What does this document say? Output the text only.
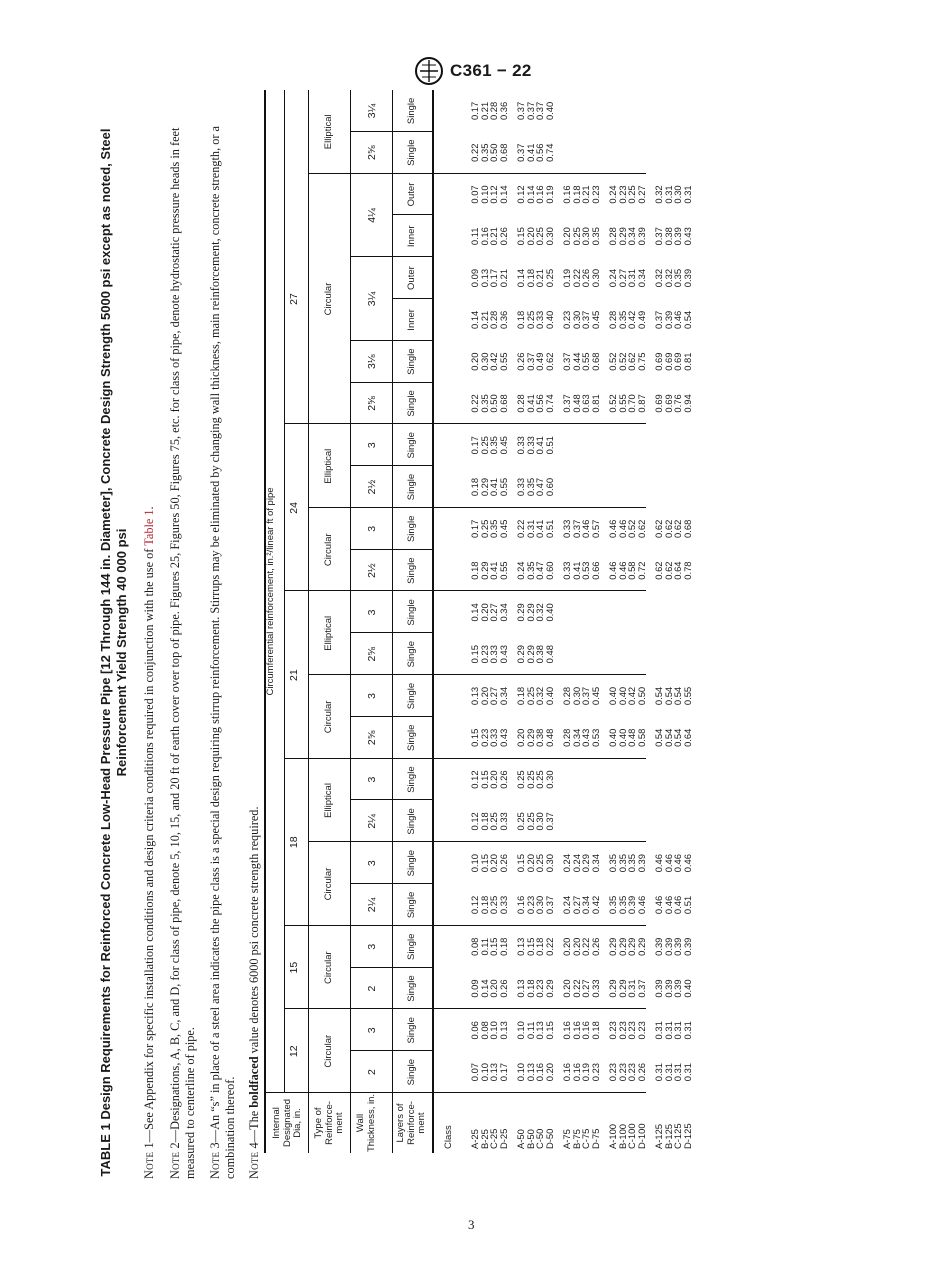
C361 − 22
3
TABLE 1 Design Requirements for Reinforced Concrete Low-Head Pressure Pipe [12 Through 144 in. Diameter], Concrete Design Strength 5000 psi except as noted, Steel Reinforcement Yield Strength 40 000 psi
Note 1—See Appendix for specific installation conditions and design criteria conditions required in conjunction with the use of Table 1.
Note 2—Designations, A, B, C, and D, for class of pipe, denote 5, 10, 15, and 20 ft of earth cover over top of pipe. Figures 25, Figures 50, Figures 75, etc. for class of pipe, denote hydrostatic pressure heads in feet measured to centerline of pipe. Note 3—An “s” in place of a steel area indicates the pipe class is a special design requiring stirrup reinforcement. Stirrups may be eliminated by changing wall thickness, main reinforcement, concrete strength, or a combination thereof. Note 4—The boldfaced value denotes 6000 psi concrete strength required.
Internal Designated Dia, in. Type of Reinforce-ment	Wall Thickness, in.	Layers of Reinforce-ment
Class
Circumferential reinforcement, in.²/linear ft of pipe
12
15
18
21
24
27
Circular
Circular
Circular
Elliptical
Circular
Elliptical
Circular
Elliptical
Circular
Elliptical
2
3
2
3
2¼
3
2¼
3
2⅝
3
2⅝
3
2½
3
2½
3
2⅝
3⅛
3¼
4¼
2⅝
3¼
Single
Single
Single
Single
Single
Single
Single
Single
Single
Single
Single
Single
Single
Single
Single
Single
Single
Single
Inner
Outer
Inner
Outer
Single
Single
A-25
B-25
C-25
D-25 A-50
B-50
C-50
D-50 A-75
B-75
C-75
D-75 A-100
B-100
C-100
D-100 A-125
B-125
C-125
D-125
0.07
0.10
0.13
0.17 0.10
0.13
0.16
0.20 0.16
0.16
0.19
0.23 0.23
0.23
0.23
0.26 0.31
0.31
0.31
0.31
0.06
0.08
0.10
0.13 0.10
0.11
0.13
0.15 0.16
0.16
0.16
0.18 0.23
0.23
0.23
0.23 0.31
0.31
0.31
0.31
0.09
0.14
0.20
0.26 0.13
0.18
0.23
0.29 0.20
0.22
0.27
0.33 0.29
0.29
0.31
0.37 0.39
0.39
0.39
0.40
0.08
0.11
0.15
0.18 0.13
0.15
0.18
0.22 0.20
0.20
0.22
0.26 0.29
0.29
0.29
0.29 0.39
0.39
0.39
0.39
0.12
0.18
0.25
0.33 0.16
0.23
0.30
0.37 0.24
0.27
0.34
0.42 0.35
0.35
0.39
0.46 0.46
0.46
0.46
0.51
0.10
0.15
0.20
0.26 0.15
0.20
0.25
0.30 0.24
0.24
0.29
0.34 0.35
0.35
0.35
0.39 0.46
0.46
0.46
0.46
0.12
0.18
0.25
0.33 0.25
0.25
0.30
0.37
0.12
0.15
0.20
0.26 0.25
0.25
0.25
0.30
0.15
0.23
0.33
0.43 0.20
0.29
0.38
0.48 0.28
0.34
0.43
0.53 0.40
0.40
0.48
0.58 0.54
0.54
0.54
0.64
0.13
0.20
0.27
0.34 0.18
0.25
0.32
0.40 0.28
0.30
0.37
0.45 0.40
0.40
0.42
0.50 0.54
0.54
0.54
0.55
0.15
0.23
0.33
0.43 0.29
0.29
0.38
0.48
0.14
0.20
0.27
0.34 0.29
0.29
0.32
0.40
0.18
0.29
0.41
0.55 0.24
0.35
0.47
0.60 0.33
0.41
0.53
0.66 0.46
0.46
0.58
0.72 0.62
0.62
0.64
0.78
0.17
0.25
0.35
0.45 0.22
0.31
0.41
0.51 0.33
0.37
0.46
0.57 0.46
0.46
0.52
0.62 0.62
0.62
0.62
0.68
0.18
0.29
0.41
0.55 0.33
0.35
0.47
0.60
0.17
0.25
0.35
0.45 0.33
0.33
0.41
0.51
0.22
0.35
0.50
0.68 0.28
0.41
0.56
0.74 0.37
0.48
0.63
0.81 0.52
0.55
0.70
0.87 0.69
0.69
0.76
0.94
0.20
0.30
0.42
0.55 0.26
0.37
0.49
0.62 0.37
0.44
0.55
0.68 0.52
0.52
0.62
0.75 0.69
0.69
0.69
0.81
0.14
0.21
0.28
0.36 0.18
0.25
0.33
0.40 0.23
0.30
0.37
0.45 0.28
0.35
0.42
0.49 0.37
0.39
0.46
0.54
0.09
0.13
0.17
0.21 0.14
0.18
0.21
0.25 0.19
0.22
0.26
0.30 0.24
0.27
0.31
0.34 0.32
0.32
0.35
0.39
0.11
0.16
0.21
0.26 0.15
0.20
0.25
0.30 0.20
0.25
0.30
0.35 0.28
0.29
0.34
0.39 0.37
0.38
0.39
0.43
0.07
0.10
0.12
0.14 0.12
0.14
0.16
0.19 0.16
0.18
0.21
0.23 0.24
0.23
0.25
0.27 0.32
0.31
0.30
0.31
0.22
0.35
0.50
0.68 0.37
0.41
0.56
0.74
0.17
0.21
0.28
0.36 0.37
0.37
0.37
0.40
